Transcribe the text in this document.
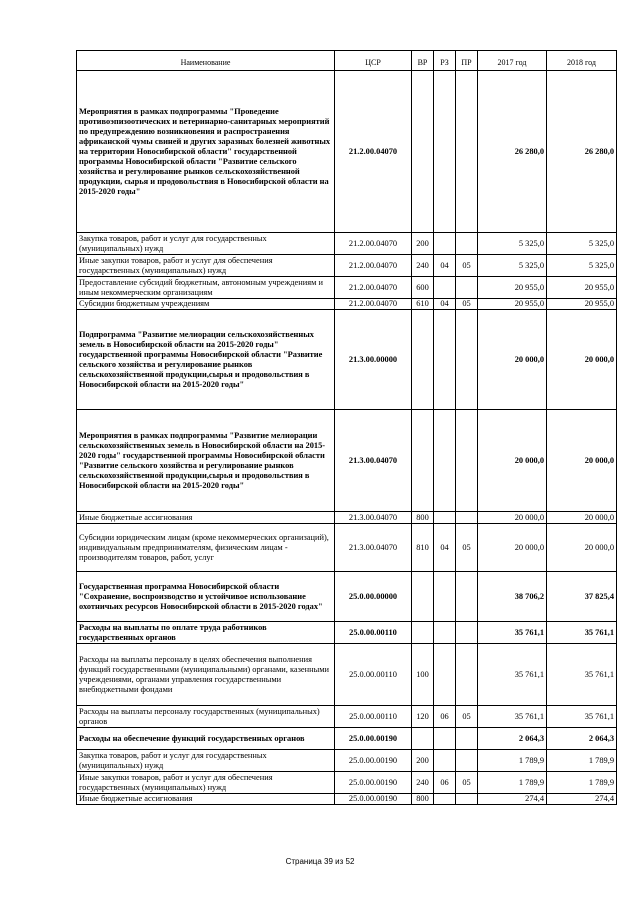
Наименование	ЦСР	ВР	РЗ	ПР	2017 год	2018 год
Мероприятия в рамках подпрограммы "Проведение противоэпизоотических и ветеринарно-санитарных мероприятий по предупреждению возникновения и распространения африканской чумы свиней и других заразных болезней животных на территории Новосибирской области" государственной программы Новосибирской области "Развитие сельского хозяйства и регулирование рынков сельскохозяйственной продукции, сырья и продовольствия в Новосибирской области на 2015-2020 годы"	21.2.00.04070				26 280,0	26 280,0
Закупка товаров, работ и услуг для государственных (муниципальных) нужд	21.2.00.04070	200			5 325,0	5 325,0
Иные закупки товаров, работ и услуг для обеспечения государственных (муниципальных) нужд	21.2.00.04070	240	04	05	5 325,0	5 325,0
Предоставление субсидий бюджетным, автономным учреждениям и иным некоммерческим организациям	21.2.00.04070	600			20 955,0	20 955,0
Субсидии бюджетным учреждениям	21.2.00.04070	610	04	05	20 955,0	20 955,0
Подпрограмма "Развитие мелиорации сельскохозяйственных земель в Новосибирской области на 2015-2020 годы" государственной программы Новосибирской области "Развитие сельского хозяйства и регулирование рынков сельскохозяйственной продукции,сырья и продовольствия в Новосибирской области на 2015-2020 годы"	21.3.00.00000				20 000,0	20 000,0
Мероприятия в рамках подпрограммы "Развитие мелиорации сельскохозяйственных земель в Новосибирской области на 2015-2020 годы" государственной программы Новосибирской области "Развитие сельского хозяйства и регулирование рынков сельскохозяйственной продукции,сырья и продовольствия в Новосибирской области на 2015-2020 годы"	21.3.00.04070				20 000,0	20 000,0
Иные бюджетные ассигнования	21.3.00.04070	800			20 000,0	20 000,0
Субсидии юридическим лицам (кроме некоммерческих организаций), индивидуальным предпринимателям, физическим лицам - производителям товаров, работ, услуг	21.3.00.04070	810	04	05	20 000,0	20 000,0
Государственная программа Новосибирской области "Сохранение, воспроизводство и устойчивое использование охотничьих ресурсов Новосибирской области в 2015-2020 годах"	25.0.00.00000				38 706,2	37 825,4
Расходы на выплаты по оплате труда работников государственных органов	25.0.00.00110				35 761,1	35 761,1
Расходы на выплаты персоналу в целях обеспечения выполнения функций государственными (муниципальными) органами, казенными учреждениями, органами управления государственными внебюджетными фондами	25.0.00.00110	100			35 761,1	35 761,1
Расходы на выплаты персоналу государственных (муниципальных) органов	25.0.00.00110	120	06	05	35 761,1	35 761,1
Расходы на обеспечение функций государственных органов	25.0.00.00190				2 064,3	2 064,3
Закупка товаров, работ и услуг для государственных (муниципальных) нужд	25.0.00.00190	200			1 789,9	1 789,9
Иные закупки товаров, работ и услуг для обеспечения государственных (муниципальных) нужд	25.0.00.00190	240	06	05	1 789,9	1 789,9
Иные бюджетные ассигнования	25.0.00.00190	800			274,4	274,4
Страница 39 из 52
